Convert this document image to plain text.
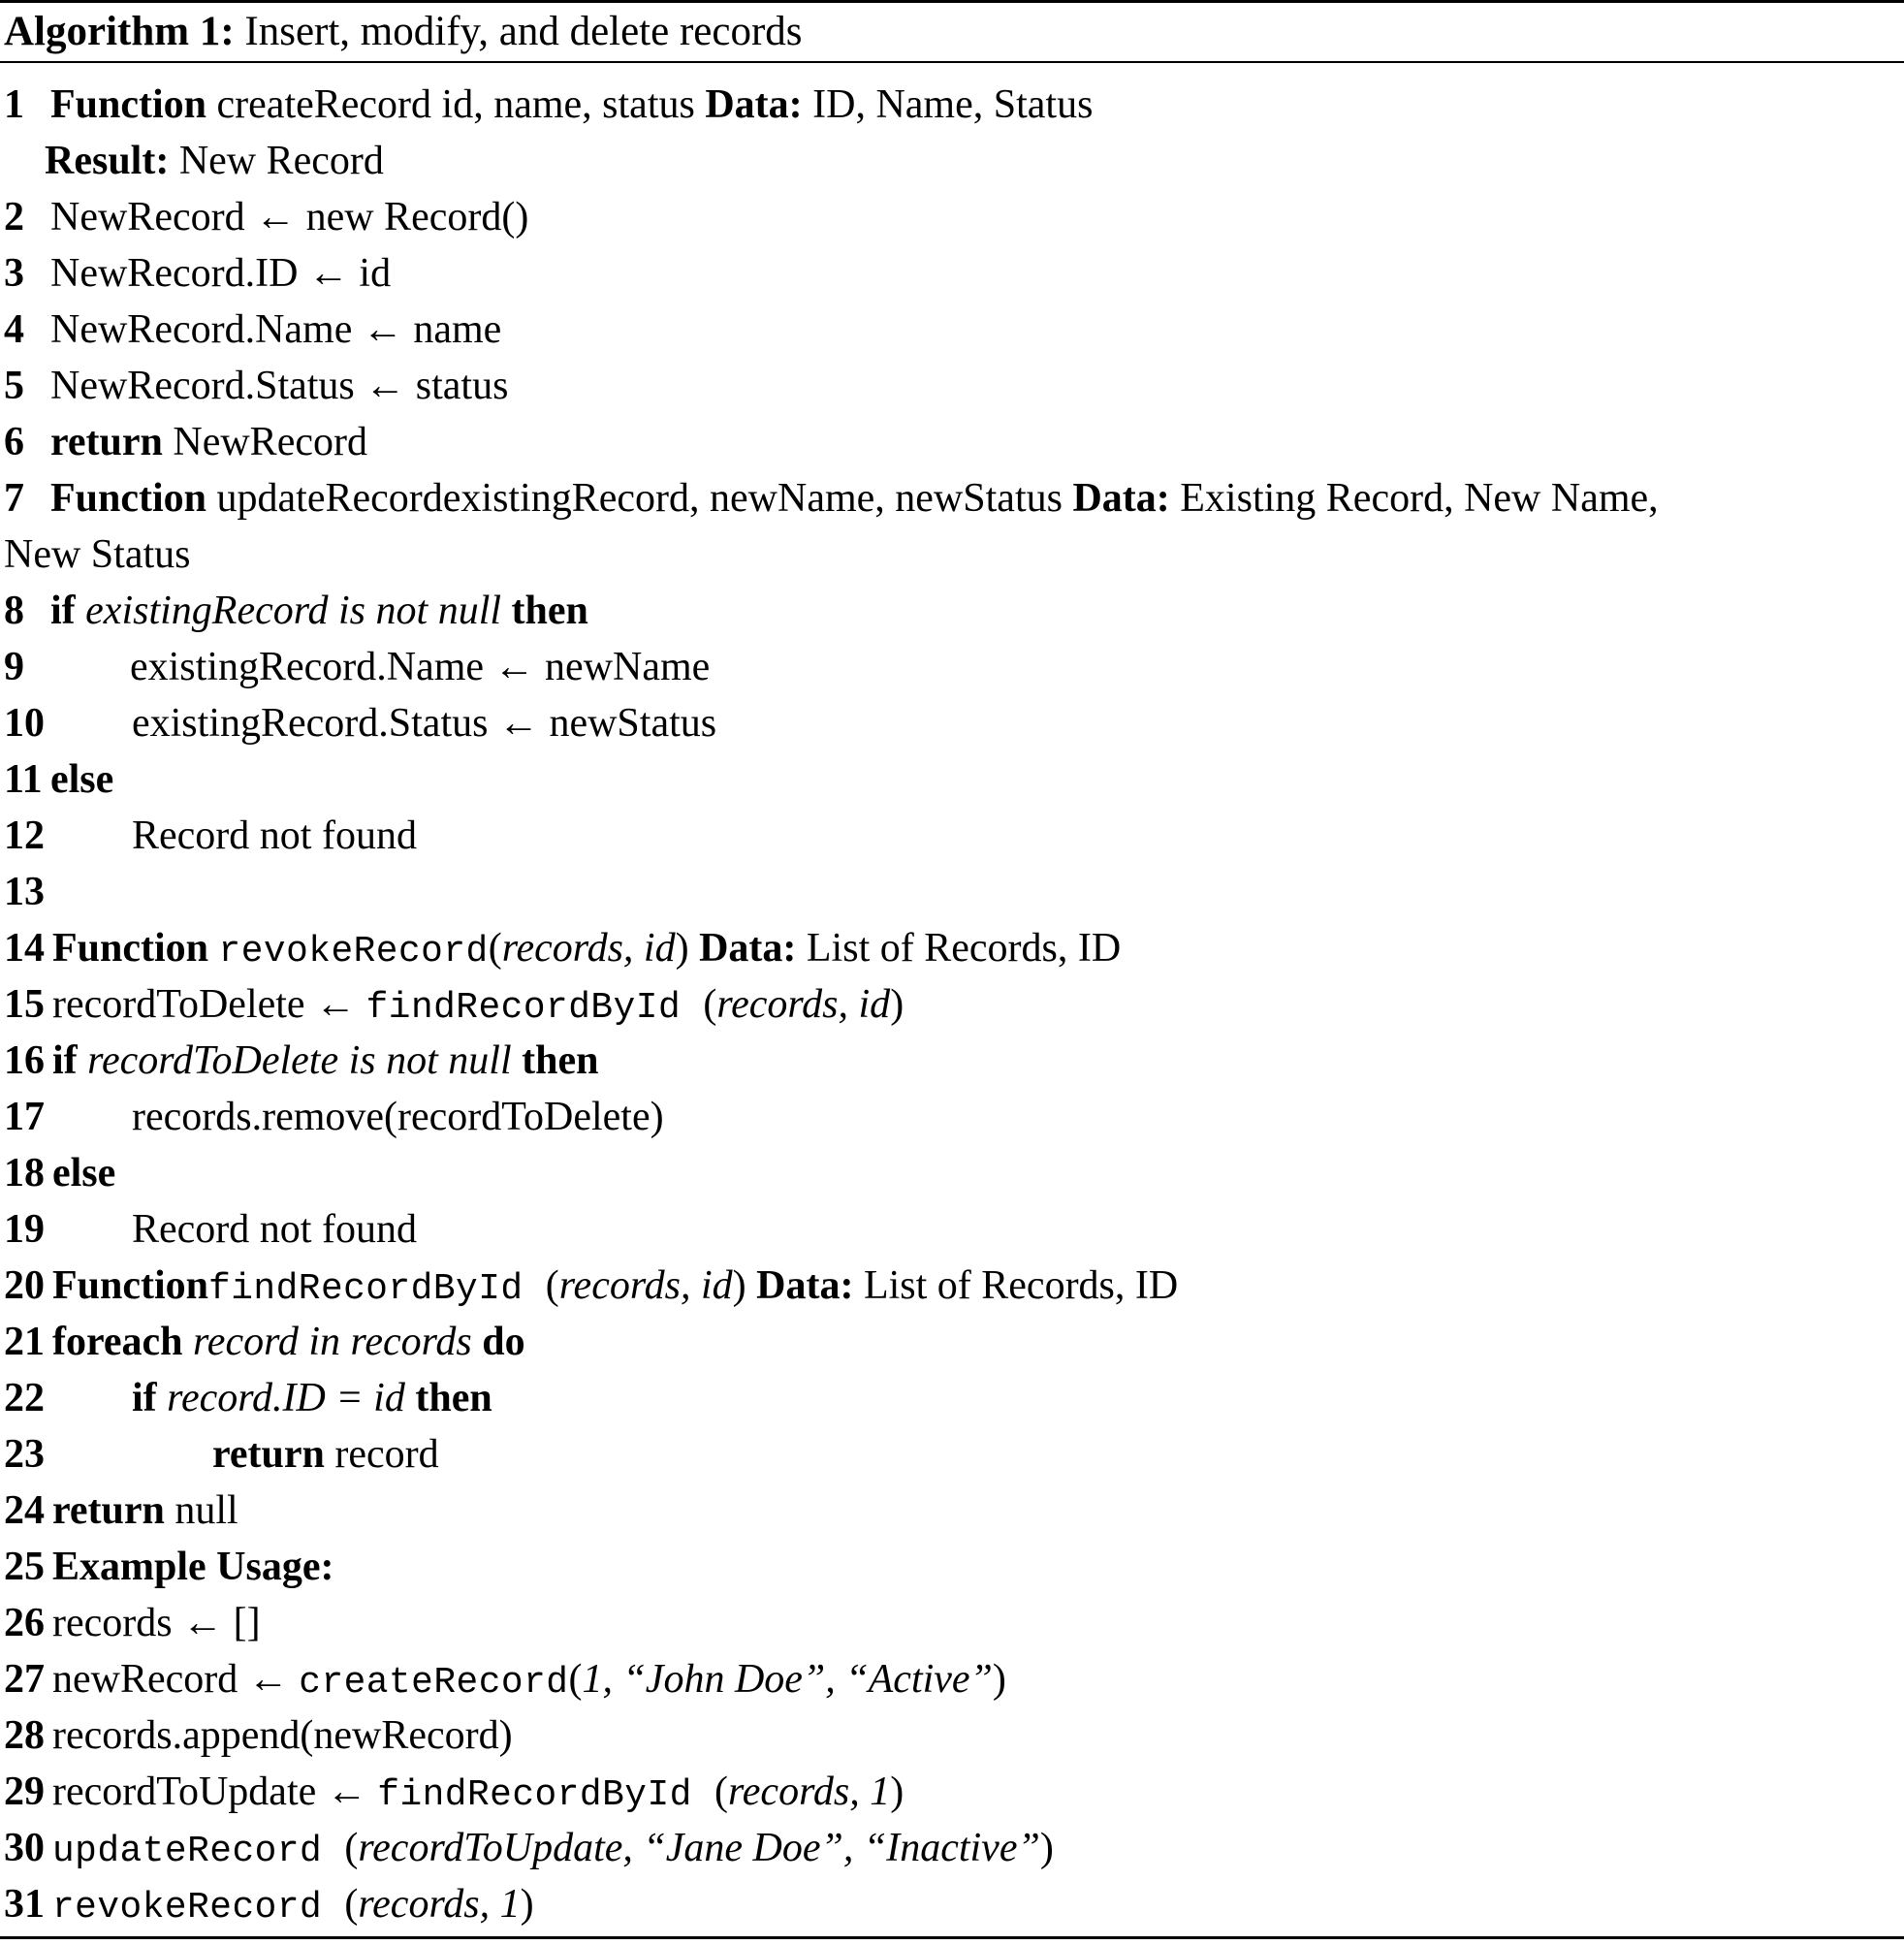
Algorithm 1: Insert, modify, and delete records
1 Function createRecord id, name, status Data: ID, Name, Status
Result: New Record
2 NewRecord ← new Record()
3 NewRecord.ID ← id
4 NewRecord.Name ← name
5 NewRecord.Status ← status
6 return NewRecord
7 Function updateRecordexistingRecord, newName, newStatus Data: Existing Record, New Name,
New Status
8 if existingRecord is not null then
9	existingRecord.Name ← newName
10 existingRecord.Status ← newStatus
11 else
12 Record not found
13
14 Function revokeRecord(records, id) Data: List of Records, ID
15 recordToDelete ← findRecordById (records, id)
16 if recordToDelete is not null then
17 records.remove(recordToDelete)
18 else
19 Record not found
20 FunctionfindRecordById (records, id) Data: List of Records, ID
21 foreach record in records do
22 if record.ID = id then
23	return record
24 return null
25 Example Usage:
26 records ← []
27 newRecord ← createRecord(1, “John Doe”, “Active”)
28 records.append(newRecord)
29 recordToUpdate ← findRecordById (records, 1)
30 updateRecord (recordToUpdate, “Jane Doe”, “Inactive”)
31 revokeRecord (records, 1)
